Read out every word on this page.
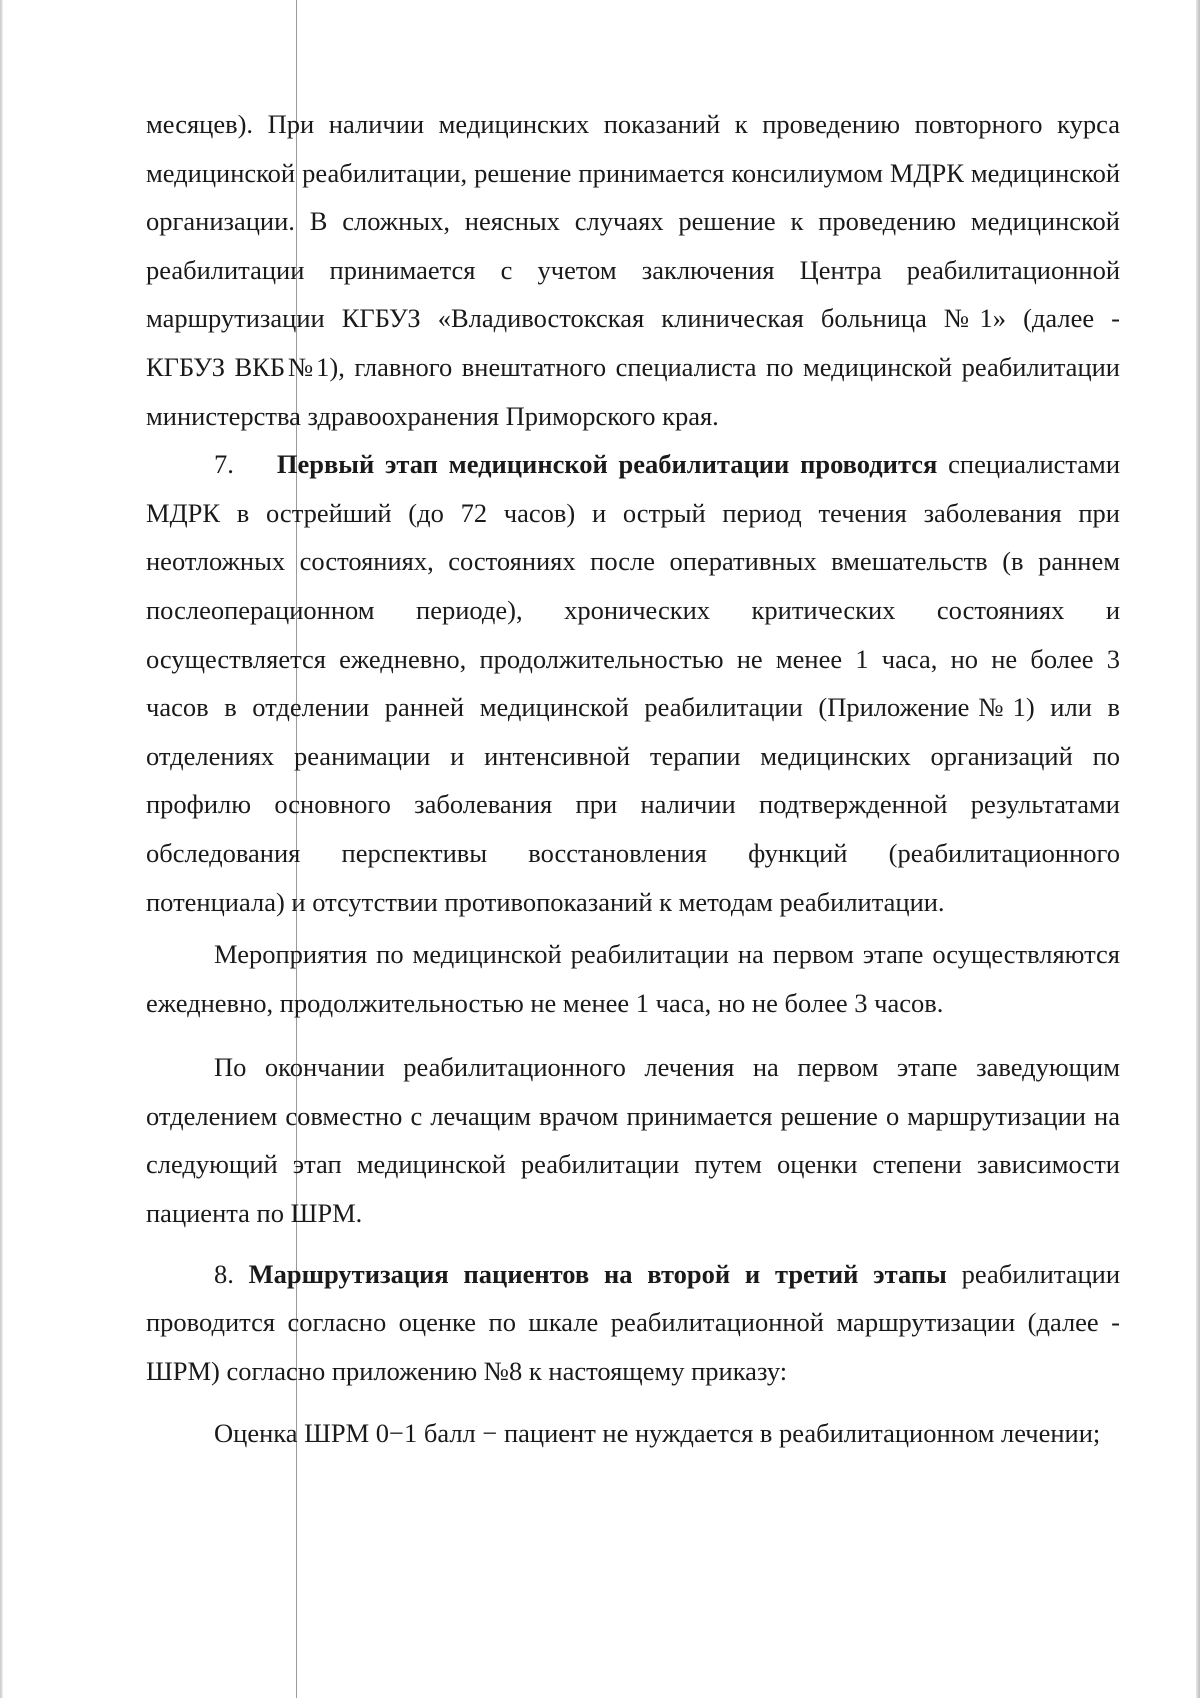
месяцев). При наличии медицинских показаний к проведению повторного курса медицинской реабилитации, решение принимается консилиумом МДРК медицинской организации. В сложных, неясных случаях решение к проведению медицинской реабилитации принимается с учетом заключения Центра реабилитационной маршрутизации КГБУЗ «Владивостокская клиническая больница №1» (далее - КГБУЗ ВКБ№1), главного внештатного специалиста по медицинской реабилитации министерства здравоохранения Приморского края.

7. Первый этап медицинской реабилитации проводится специалистами МДРК в острейший (до 72 часов) и острый период течения заболевания при неотложных состояниях, состояниях после оперативных вмешательств (в раннем послеоперационном периоде), хронических критических состояниях и осуществляется ежедневно, продолжительностью не менее 1 часа, но не более 3 часов в отделении ранней медицинской реабилитации (Приложение№1) или в отделениях реанимации и интенсивной терапии медицинских организаций по профилю основного заболевания при наличии подтвержденной результатами обследования перспективы восстановления функций (реабилитационного потенциала) и отсутствии противопоказаний к методам реабилитации.

Мероприятия по медицинской реабилитации на первом этапе осуществляются ежедневно, продолжительностью не менее 1 часа, но не более 3 часов.

По окончании реабилитационного лечения на первом этапе заведующим отделением совместно с лечащим врачом принимается решение о маршрутизации на следующий этап медицинской реабилитации путем оценки степени зависимости пациента по ШРМ.

8. Маршрутизация пациентов на второй и третий этапы реабилитации проводится согласно оценке по шкале реабилитационной маршрутизации (далее - ШРМ) согласно приложению №8 к настоящему приказу:

Оценка ШРМ 0−1 балл − пациент не нуждается в реабилитационном лечении;
